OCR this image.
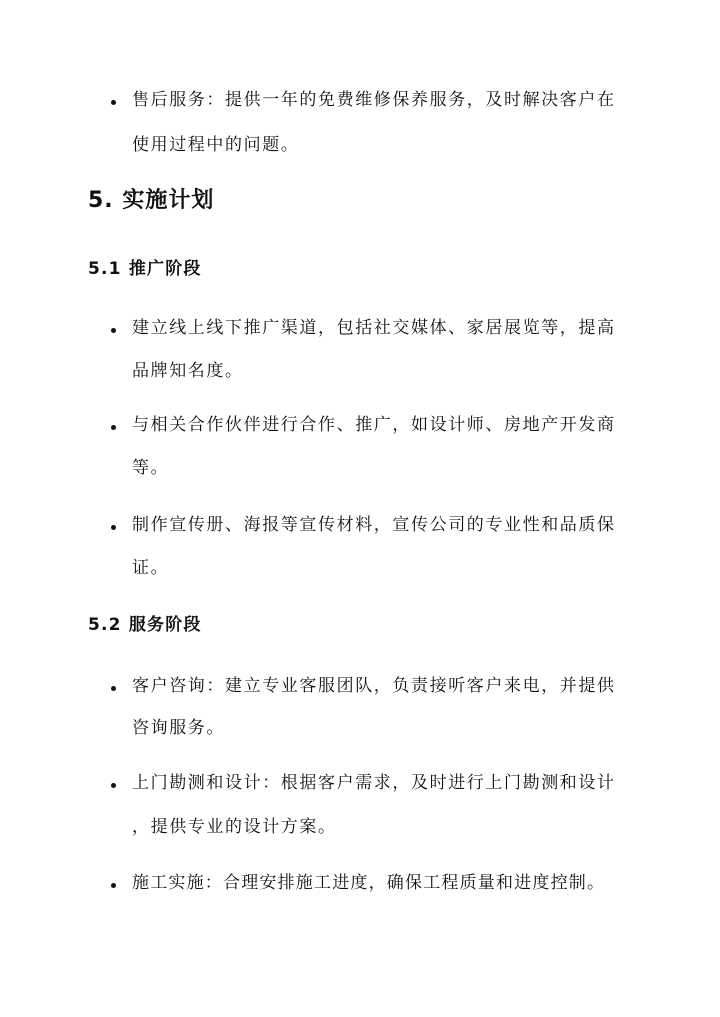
售后服务：提供一年的免费维修保养服务，及时解决客户在
使用过程中的问题。
5. 实施计划
5.1 推广阶段
建立线上线下推广渠道，包括社交媒体、家居展览等，提高
品牌知名度。
与相关合作伙伴进行合作、推广，如设计师、房地产开发商
等。
制作宣传册、海报等宣传材料，宣传公司的专业性和品质保
证。
5.2 服务阶段
客户咨询：建立专业客服团队，负责接听客户来电，并提供
咨询服务。
上门勘测和设计：根据客户需求，及时进行上门勘测和设计
，提供专业的设计方案。
施工实施：合理安排施工进度，确保工程质量和进度控制。
